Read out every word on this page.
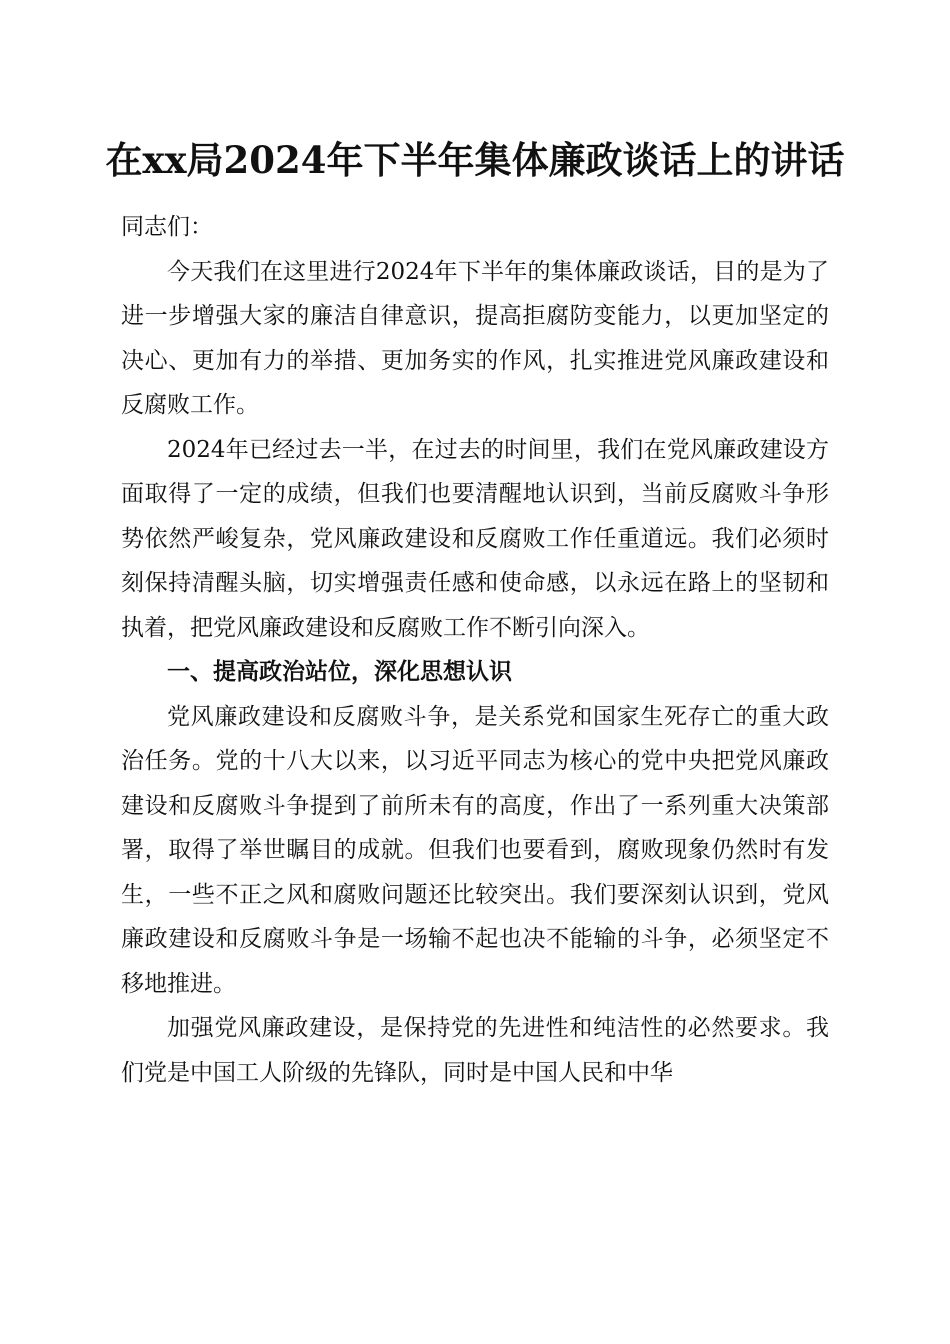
在xx局2024年下半年集体廉政谈话上的讲话

同志们：

今天我们在这里进行2024年下半年的集体廉政谈话，目的是为了进一步增强大家的廉洁自律意识，提高拒腐防变能力，以更加坚定的决心、更加有力的举措、更加务实的作风，扎实推进党风廉政建设和反腐败工作。

2024年已经过去一半，在过去的时间里，我们在党风廉政建设方面取得了一定的成绩，但我们也要清醒地认识到，当前反腐败斗争形势依然严峻复杂，党风廉政建设和反腐败工作任重道远。我们必须时刻保持清醒头脑，切实增强责任感和使命感，以永远在路上的坚韧和执着，把党风廉政建设和反腐败工作不断引向深入。

一、提高政治站位，深化思想认识

党风廉政建设和反腐败斗争，是关系党和国家生死存亡的重大政治任务。党的十八大以来，以习近平同志为核心的党中央把党风廉政建设和反腐败斗争提到了前所未有的高度，作出了一系列重大决策部署，取得了举世瞩目的成就。但我们也要看到，腐败现象仍然时有发生，一些不正之风和腐败问题还比较突出。我们要深刻认识到，党风廉政建设和反腐败斗争是一场输不起也决不能输的斗争，必须坚定不移地推进。

加强党风廉政建设，是保持党的先进性和纯洁性的必然要求。我们党是中国工人阶级的先锋队，同时是中国人民和中华
